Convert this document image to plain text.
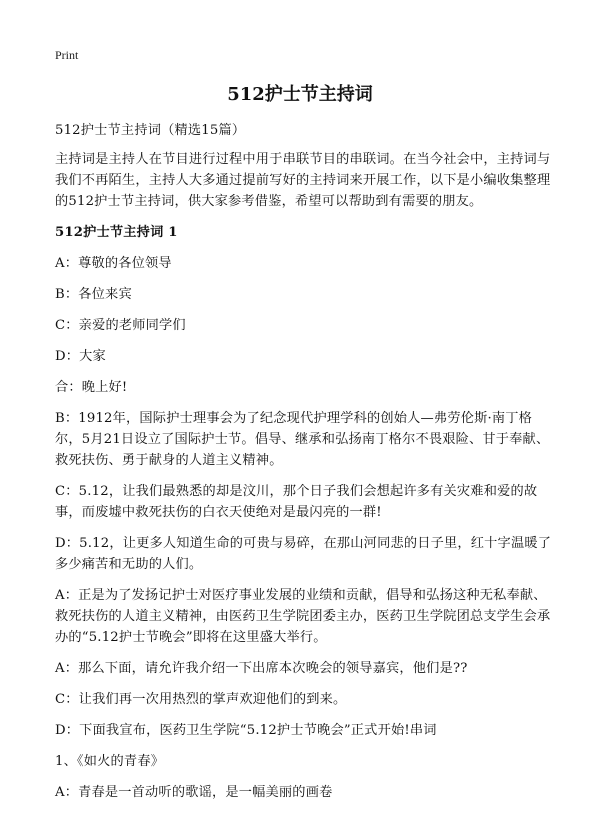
Print
512护士节主持词

512护士节主持词（精选15篇）

主持词是主持人在节目进行过程中用于串联节目的串联词。在当今社会中，主持词与我们不再陌生，主持人大多通过提前写好的主持词来开展工作，以下是小编收集整理的512护士节主持词，供大家参考借鉴，希望可以帮助到有需要的朋友。

512护士节主持词 1

A：尊敬的各位领导

B：各位来宾

C：亲爱的老师同学们

D：大家

合：晚上好!

B：1912年，国际护士理事会为了纪念现代护理学科的创始人—弗劳伦斯·南丁格尔，5月21日设立了国际护士节。倡导、继承和弘扬南丁格尔不畏艰险、甘于奉献、救死扶伤、勇于献身的人道主义精神。

C：5.12，让我们最熟悉的却是汶川，那个日子我们会想起许多有关灾难和爱的故事，而废墟中救死扶伤的白衣天使绝对是最闪亮的一群!

D：5.12，让更多人知道生命的可贵与易碎，在那山河同悲的日子里，红十字温暖了多少痛苦和无助的人们。

A：正是为了发扬记护士对医疗事业发展的业绩和贡献，倡导和弘扬这种无私奉献、救死扶伤的人道主义精神，由医药卫生学院团委主办，医药卫生学院团总支学生会承办的“5.12护士节晚会”即将在这里盛大举行。

A：那么下面，请允许我介绍一下出席本次晚会的领导嘉宾，他们是??

C：让我们再一次用热烈的掌声欢迎他们的到来。

D：下面我宣布，医药卫生学院“5.12护士节晚会”正式开始!串词

1、《如火的青春》

A：青春是一首动听的歌谣，是一幅美丽的画卷
